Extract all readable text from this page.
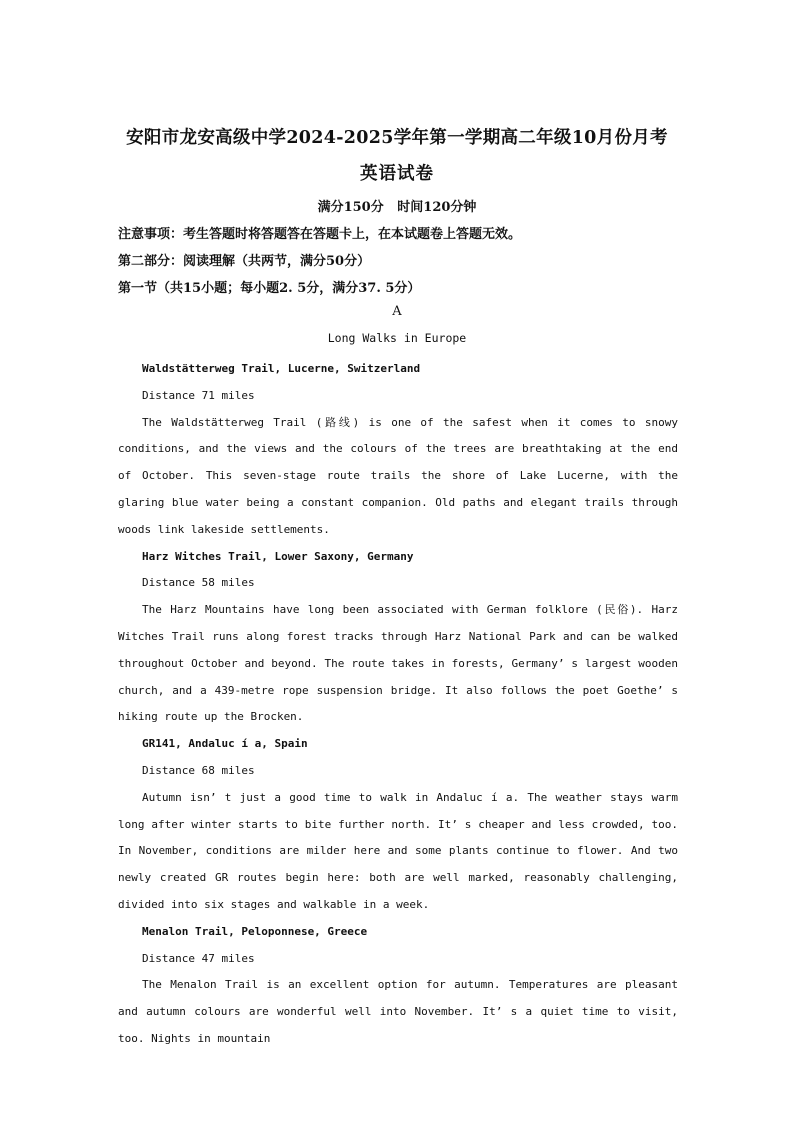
安阳市龙安高级中学2024-2025学年第一学期高二年级10月份月考
英语试卷
满分150分   时间120分钟
注意事项：考生答题时将答题答在答题卡上，在本试题卷上答题无效。
第二部分：阅读理解（共两节，满分50分）
第一节（共15小题；每小题2. 5分，满分37. 5分）
A
Long Walks in Europe

Waldstätterweg Trail, Lucerne, Switzerland

Distance 71 miles

The Waldstätterweg Trail (路线) is one of the safest when it comes to snowy conditions, and the views and the colours of the trees are breathtaking at the end of October. This seven-stage route trails the shore of Lake Lucerne, with the glaring blue water being a constant companion. Old paths and elegant trails through woods link lakeside settlements.

Harz Witches Trail, Lower Saxony, Germany

Distance 58 miles

The Harz Mountains have long been associated with German folklore (民俗). Harz Witches Trail runs along forest tracks through Harz National Park and can be walked throughout October and beyond. The route takes in forests, Germany’ s largest wooden church, and a 439-metre rope suspension bridge. It also follows the poet Goethe’ s hiking route up the Brocken.

GR141, Andaluc í a, Spain

Distance 68 miles

Autumn isn’ t just a good time to walk in Andaluc í a. The weather stays warm long after winter starts to bite further north. It’ s cheaper and less crowded, too. In November, conditions are milder here and some plants continue to flower. And two newly created GR routes begin here: both are well marked, reasonably challenging, divided into six stages and walkable in a week.

Menalon Trail, Peloponnese, Greece

Distance 47 miles

The Menalon Trail is an excellent option for autumn. Temperatures are pleasant and autumn colours are wonderful well into November. It’ s a quiet time to visit, too. Nights in mountain
